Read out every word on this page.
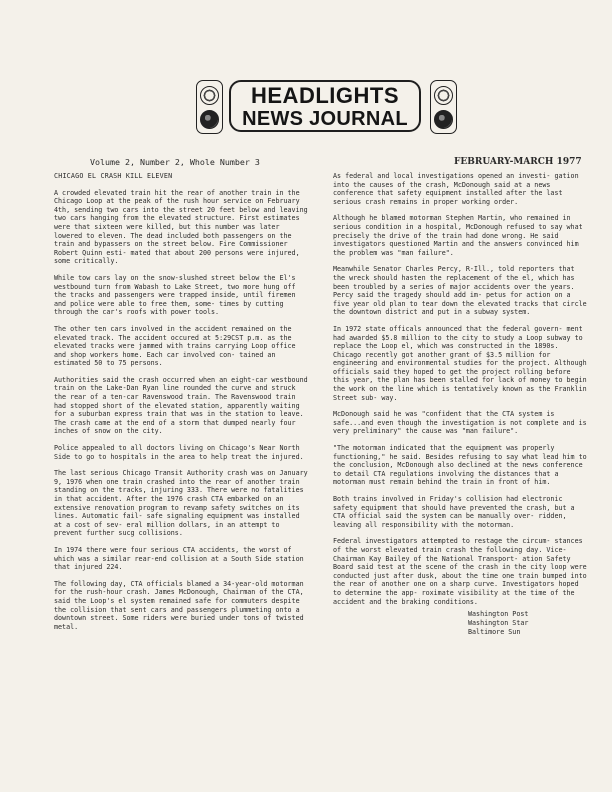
HEADLIGHTS
NEWS JOURNAL
Volume 2, Number 2, Whole Number 3	FEBRUARY-MARCH 1977
CHICAGO EL CRASH KILL ELEVEN

A crowded elevated train hit the rear of another train in the Chicago Loop at the peak of the rush hour service on February 4th, sending two cars into the street 20 feet below and leaving two cars hanging from the elevated structure. First estimates were that sixteen were killed, but this number was later lowered to eleven. The dead included both passengers on the train and bypassers on the street below. Fire Commissioner Robert Quinn esti- mated that about 200 persons were injured, some critically.

While tow cars lay on the snow-slushed street below the El's westbound turn from Wabash to Lake Street, two more hung off the tracks and passengers were trapped inside, until firemen and police were able to free them, some- times by cutting through the car's roofs with power tools.

The other ten cars involved in the accident remained on the elevated track. The accident occured at 5:29CST p.m. as the elevated tracks were jammed with trains carrying Loop office and shop workers home. Each car involved con- tained an estimated 50 to 75 persons.

Authorities said the crash occurred when an eight-car westbound train on the Lake-Dan Ryan line rounded the curve and struck the rear of a ten-car Ravenswood train. The Ravenswood train had stopped short of the elevated station, apparently waiting for a suburban express train that was in the station to leave. The crash came at the end of a storm that dumped nearly four inches of snow on the city.

Police appealed to all doctors living on Chicago's Near North Side to go to hospitals in the area to help treat the injured.

The last serious Chicago Transit Authority crash was on January 9, 1976 when one train crashed into the rear of another train standing on the tracks, injuring 333. There were no fatalities in that accident. After the 1976 crash CTA embarked on an extensive renovation program to revamp safety switches on its lines. Automatic fail- safe signaling equipment was installed at a cost of sev- eral million dollars, in an attempt to prevent further sucg collisions.

In 1974 there were four serious CTA accidents, the worst of which was a similar rear-end collision at a South Side station that injured 224.

The following day, CTA officials blamed a 34-year-old motorman for the rush-hour crash. James McDonough, Chairman of the CTA, said the Loop's el system remained safe for commuters despite the collision that sent cars and passengers plummeting onto a downtown street. Some riders were buried under tons of twisted metal.

As federal and local investigations opened an investi- gation into the causes of the crash, McDonough said at a news conference that safety equipment installed after the last serious crash remains in proper working order.

Although he blamed motorman Stephen Martin, who remained in serious condition in a hospital, McDonough refused to say what precisely the drive of the train had done wrong. He said investigators questioned Martin and the answers convinced him the problem was "man failure".

Meanwhile Senator Charles Percy, R-Ill., told reporters that the wreck should hasten the replacement of the el, which has been troubled by a series of major accidents over the years. Percy said the tragedy should add im- petus for action on a five year old plan to tear down the elevated tracks that circle the downtown district and put in a subway system.

In 1972 state officals announced that the federal govern- ment had awarded $5.8 million to the city to study a Loop subway to replace the Loop el, which was constructed in the 1890s. Chicago recently got another grant of $3.5 million for engineering and environmental studies for the project. Although officials said they hoped to get the project rolling before this year, the plan has been stalled for lack of money to begin the work on the line which is tentatively known as the Franklin Street sub- way.

McDonough said he was "confident that the CTA system is safe...and even though the investigation is not complete and is very preliminary" the cause was "man failure".

"The motorman indicated that the equipment was properly functioning," he said. Besides refusing to say what lead him to the conclusion, McDonough also declined at the news conference to detail CTA regulations involving the distances that a motorman must remain behind the train in front of him.

Both trains involved in Friday's collision had electronic safety equipment that should have prevented the crash, but a CTA official said the system can be manually over- ridden, leaving all responsibility with the motorman.

Federal investigators attempted to restage the circum- stances of the worst elevated train crash the following day. Vice-Chairman Kay Bailey of the National Transport- ation Safety Board said test at the scene of the crash in the city loop were conducted just after dusk, about the time one train bumped into the rear of another one on a sharp curve. Investigators hoped to determine the app- roximate visibility at the time of the accident and the braking conditions.

Washington Post
Washington Star
Baltimore Sun
